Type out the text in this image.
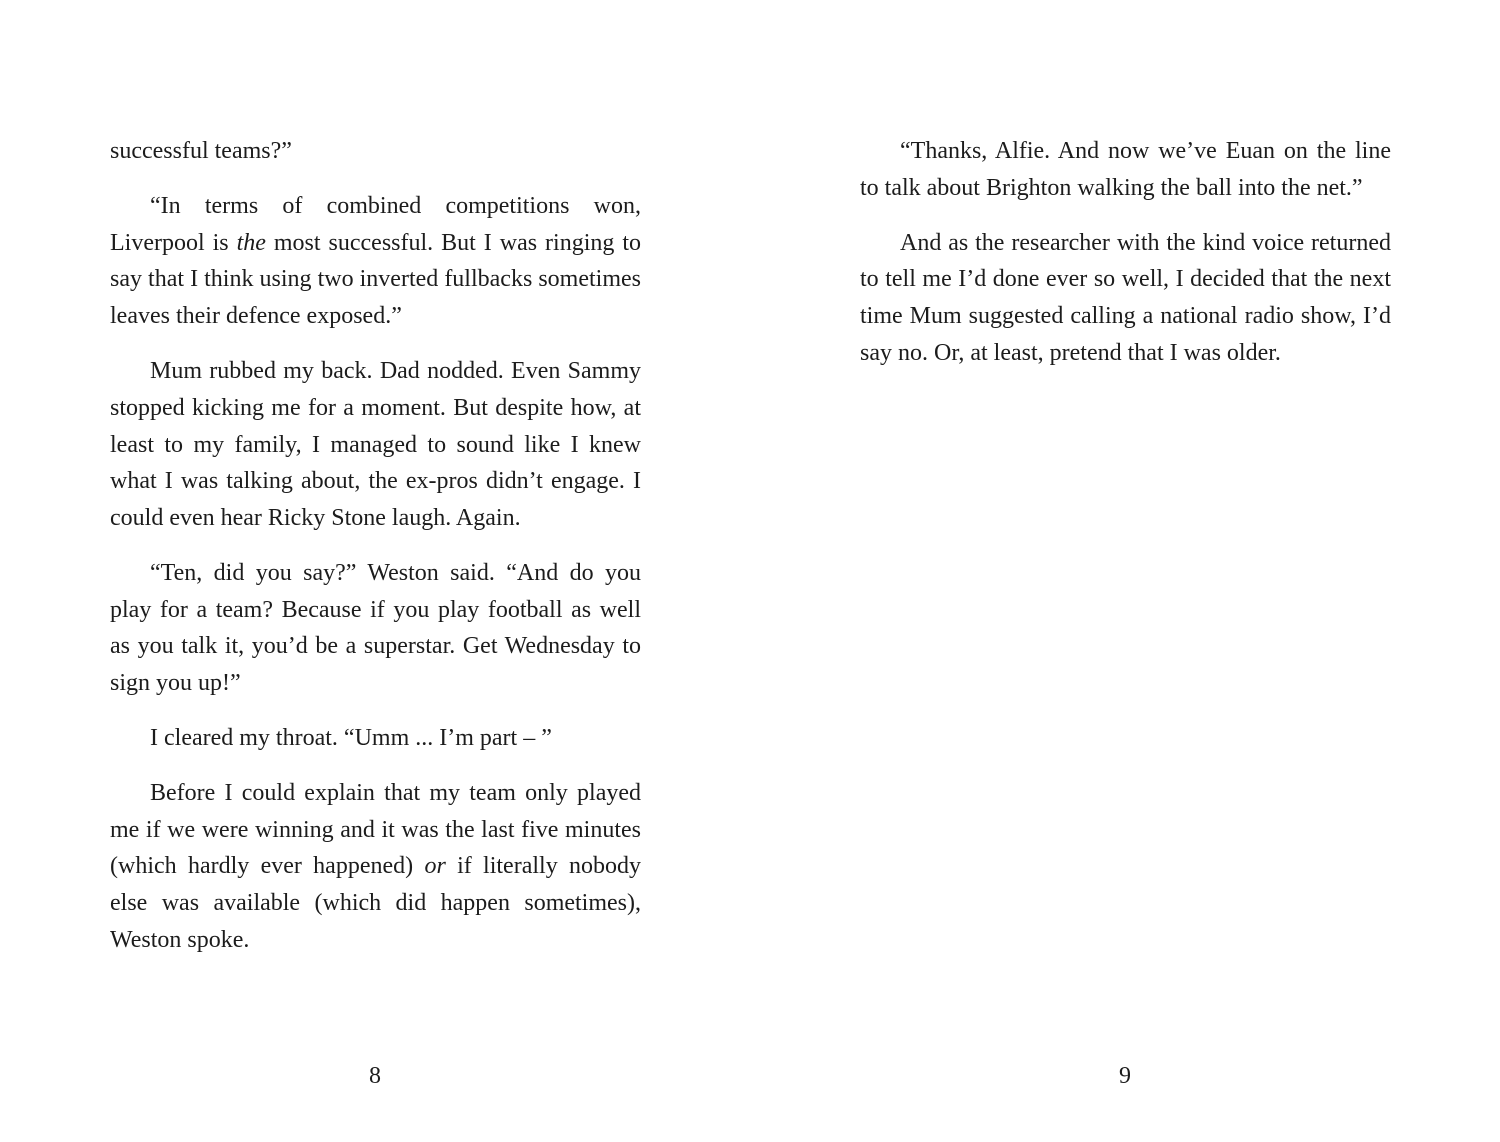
successful teams?”

“In terms of combined competitions won, Liverpool is the most successful. But I was ringing to say that I think using two inverted fullbacks sometimes leaves their defence exposed.”

Mum rubbed my back. Dad nodded. Even Sammy stopped kicking me for a moment. But despite how, at least to my family, I managed to sound like I knew what I was talking about, the ex-pros didn’t engage. I could even hear Ricky Stone laugh. Again.

“Ten, did you say?” Weston said. “And do you play for a team? Because if you play football as well as you talk it, you’d be a superstar. Get Wednesday to sign you up!”

I cleared my throat. “Umm ... I’m part – ”

Before I could explain that my team only played me if we were winning and it was the last five minutes (which hardly ever happened) or if literally nobody else was available (which did happen sometimes), Weston spoke.

8

“Thanks, Alfie. And now we’ve Euan on the line to talk about Brighton walking the ball into the net.”

And as the researcher with the kind voice returned to tell me I’d done ever so well, I decided that the next time Mum suggested calling a national radio show, I’d say no. Or, at least, pretend that I was older.

9
